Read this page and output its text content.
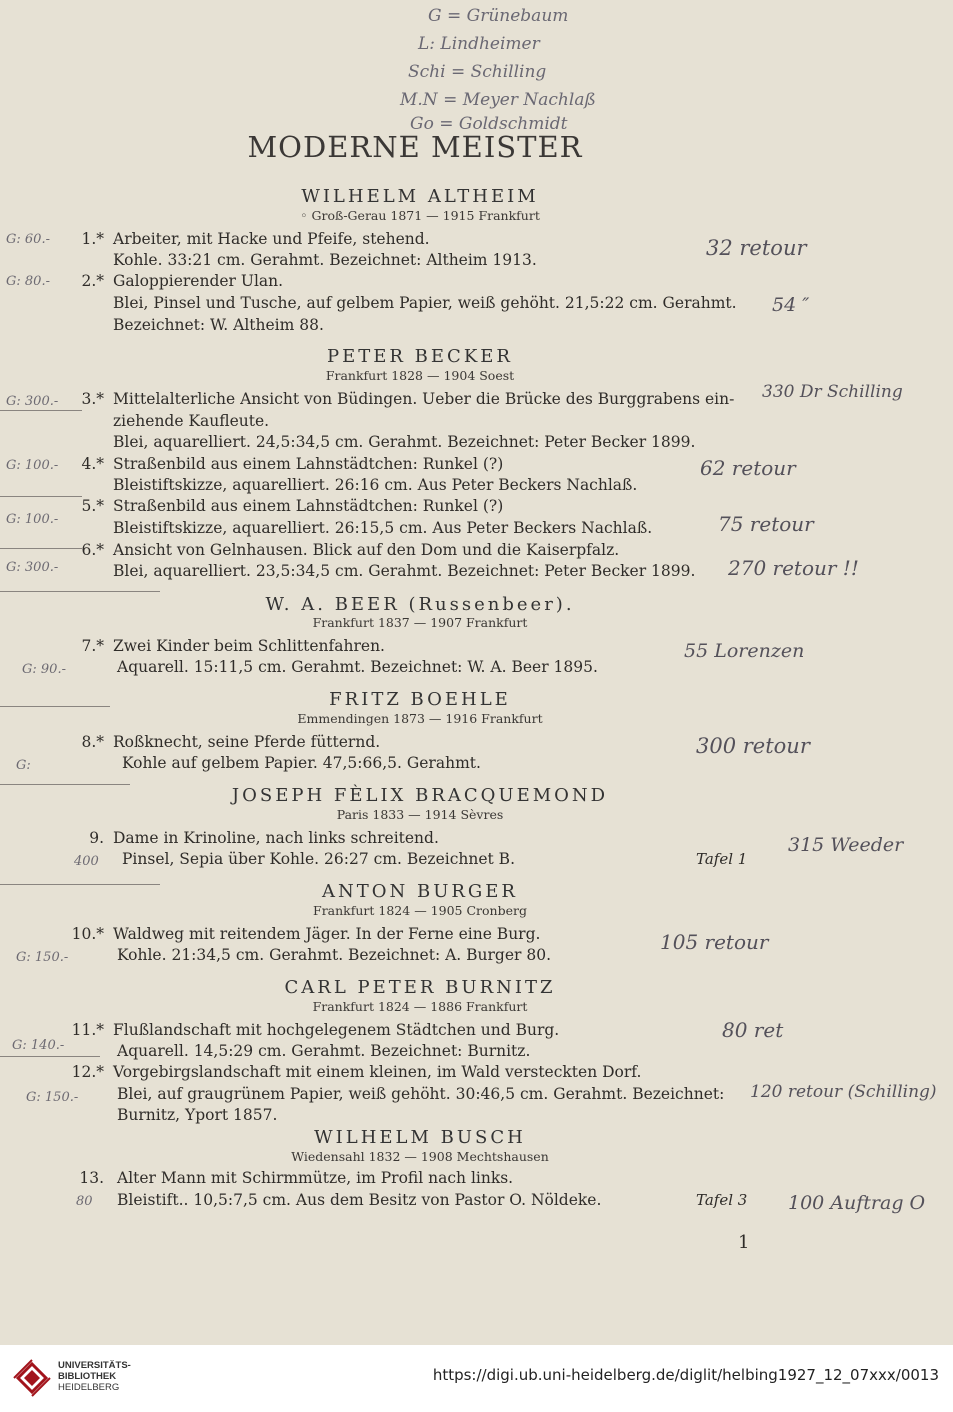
G = Grünebaum
L: Lindheimer
Schi = Schilling
M.N = Meyer Nachlaß
Go = Goldschmidt
MODERNE MEISTER
WILHELM ALTHEIM
◦ Groß-Gerau 1871 — 1915 Frankfurt
1.* Arbeiter, mit Hacke und Pfeife, stehend.
Kohle. 33:21 cm. Gerahmt. Bezeichnet: Altheim 1913.
G: 60.-	32 retour
2.* Galoppierender Ulan.
Blei, Pinsel und Tusche, auf gelbem Papier, weiß gehöht. 21,5:22 cm. Gerahmt.
Bezeichnet: W. Altheim 88.
G: 80.-
54 ″
PETER BECKER
Frankfurt 1828 — 1904 Soest
3.* Mittelalterliche Ansicht von Büdingen. Ueber die Brücke des Burggrabens ein-
ziehende Kaufleute.
Blei, aquarelliert. 24,5:34,5 cm. Gerahmt. Bezeichnet: Peter Becker 1899.
G: 300.-	330 Dr Schilling
4.* Straßenbild aus einem Lahnstädtchen: Runkel (?)
Bleistiftskizze, aquarelliert. 26:16 cm. Aus Peter Beckers Nachlaß.
G: 100.-	62 retour
5.* Straßenbild aus einem Lahnstädtchen: Runkel (?)
Bleistiftskizze, aquarelliert. 26:15,5 cm. Aus Peter Beckers Nachlaß.
G: 100.-	75 retour
6.* Ansicht von Gelnhausen. Blick auf den Dom und die Kaiserpfalz.
Blei, aquarelliert. 23,5:34,5 cm. Gerahmt. Bezeichnet: Peter Becker 1899.
G: 300.-	270 retour !!
W. A. BEER (Russenbeer).
Frankfurt 1837 — 1907 Frankfurt
7.* Zwei Kinder beim Schlittenfahren.
Aquarell. 15:11,5 cm. Gerahmt. Bezeichnet: W. A. Beer 1895.
G: 90.-
55 Lorenzen
FRITZ BOEHLE
Emmendingen 1873 — 1916 Frankfurt
8.* Roßknecht, seine Pferde fütternd.
Kohle auf gelbem Papier. 47,5:66,5. Gerahmt.
G:
300 retour
JOSEPH FÈLIX BRACQUEMOND
Paris 1833 — 1914 Sèvres
9. Dame in Krinoline, nach links schreitend.
Pinsel, Sepia über Kohle. 26:27 cm. Bezeichnet B.
400	Tafel 1
315 Weeder
ANTON BURGER
Frankfurt 1824 — 1905 Cronberg
10.* Waldweg mit reitendem Jäger. In der Ferne eine Burg.
Kohle. 21:34,5 cm. Gerahmt. Bezeichnet: A. Burger 80.
G: 150.-
105 retour
CARL PETER BURNITZ
Frankfurt 1824 — 1886 Frankfurt
11.* Flußlandschaft mit hochgelegenem Städtchen und Burg.
Aquarell. 14,5:29 cm. Gerahmt. Bezeichnet: Burnitz.
G: 140.-
80 ret
12.* Vorgebirgslandschaft mit einem kleinen, im Wald versteckten Dorf.
Blei, auf graugrünem Papier, weiß gehöht. 30:46,5 cm. Gerahmt. Bezeichnet:
Burnitz, Yport 1857.
G: 150.-	120 retour (Schilling)
WILHELM BUSCH
Wiedensahl 1832 — 1908 Mechtshausen
13. Alter Mann mit Schirmmütze, im Profil nach links.
Bleistift.. 10,5:7,5 cm. Aus dem Besitz von Pastor O. Nöldeke.
80	Tafel 3 100 Auftrag O
1
UNIVERSITÄTS-
BIBLIOTHEK
HEIDELBERG
https://digi.ub.uni-heidelberg.de/diglit/helbing1927_12_07xxx/0013
